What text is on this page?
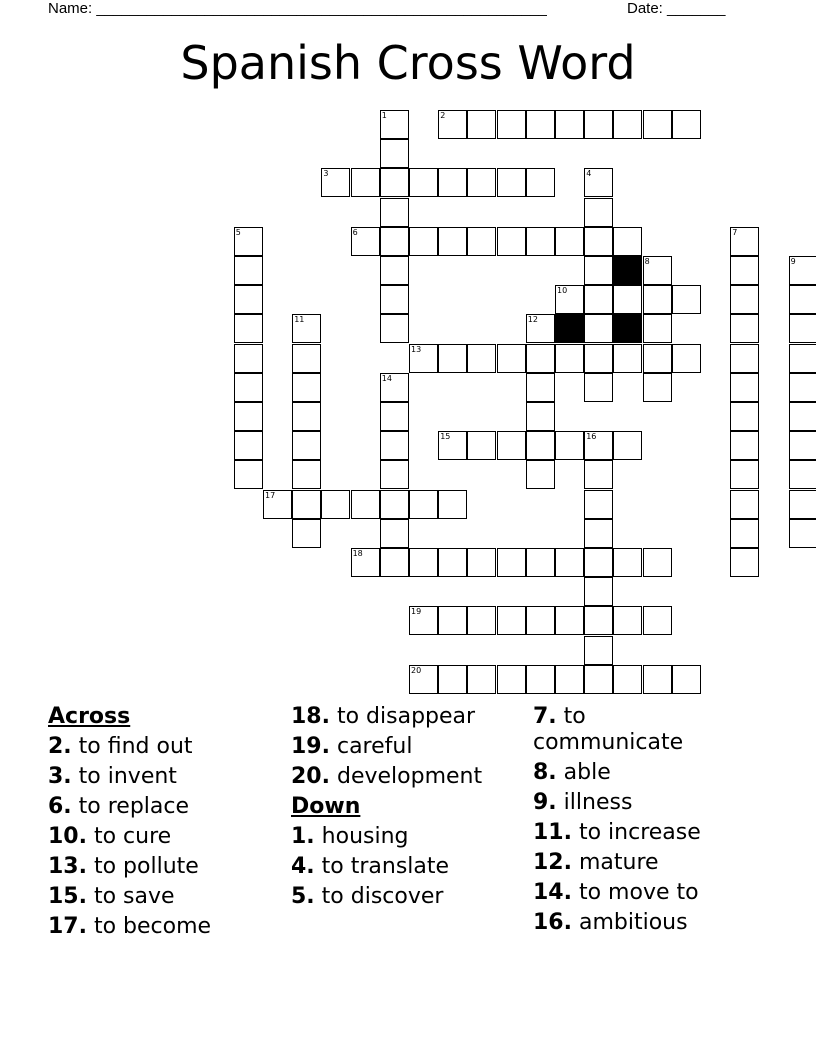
Name: ______________________________________________________	Date: _______
Spanish Cross Word
1	2
3	4
5	6	7
8	9
10
11	12
13
14
15	16
17
18
19
20
Across
2. to find out
3. to invent
6. to replace
10. to cure
13. to pollute
15. to save
17. to become
18. to disappear
19. careful
20. development
Down
1. housing
4. to translate
5. to discover
7. to communicate
8. able
9. illness
11. to increase
12. mature
14. to move to
16. ambitious
